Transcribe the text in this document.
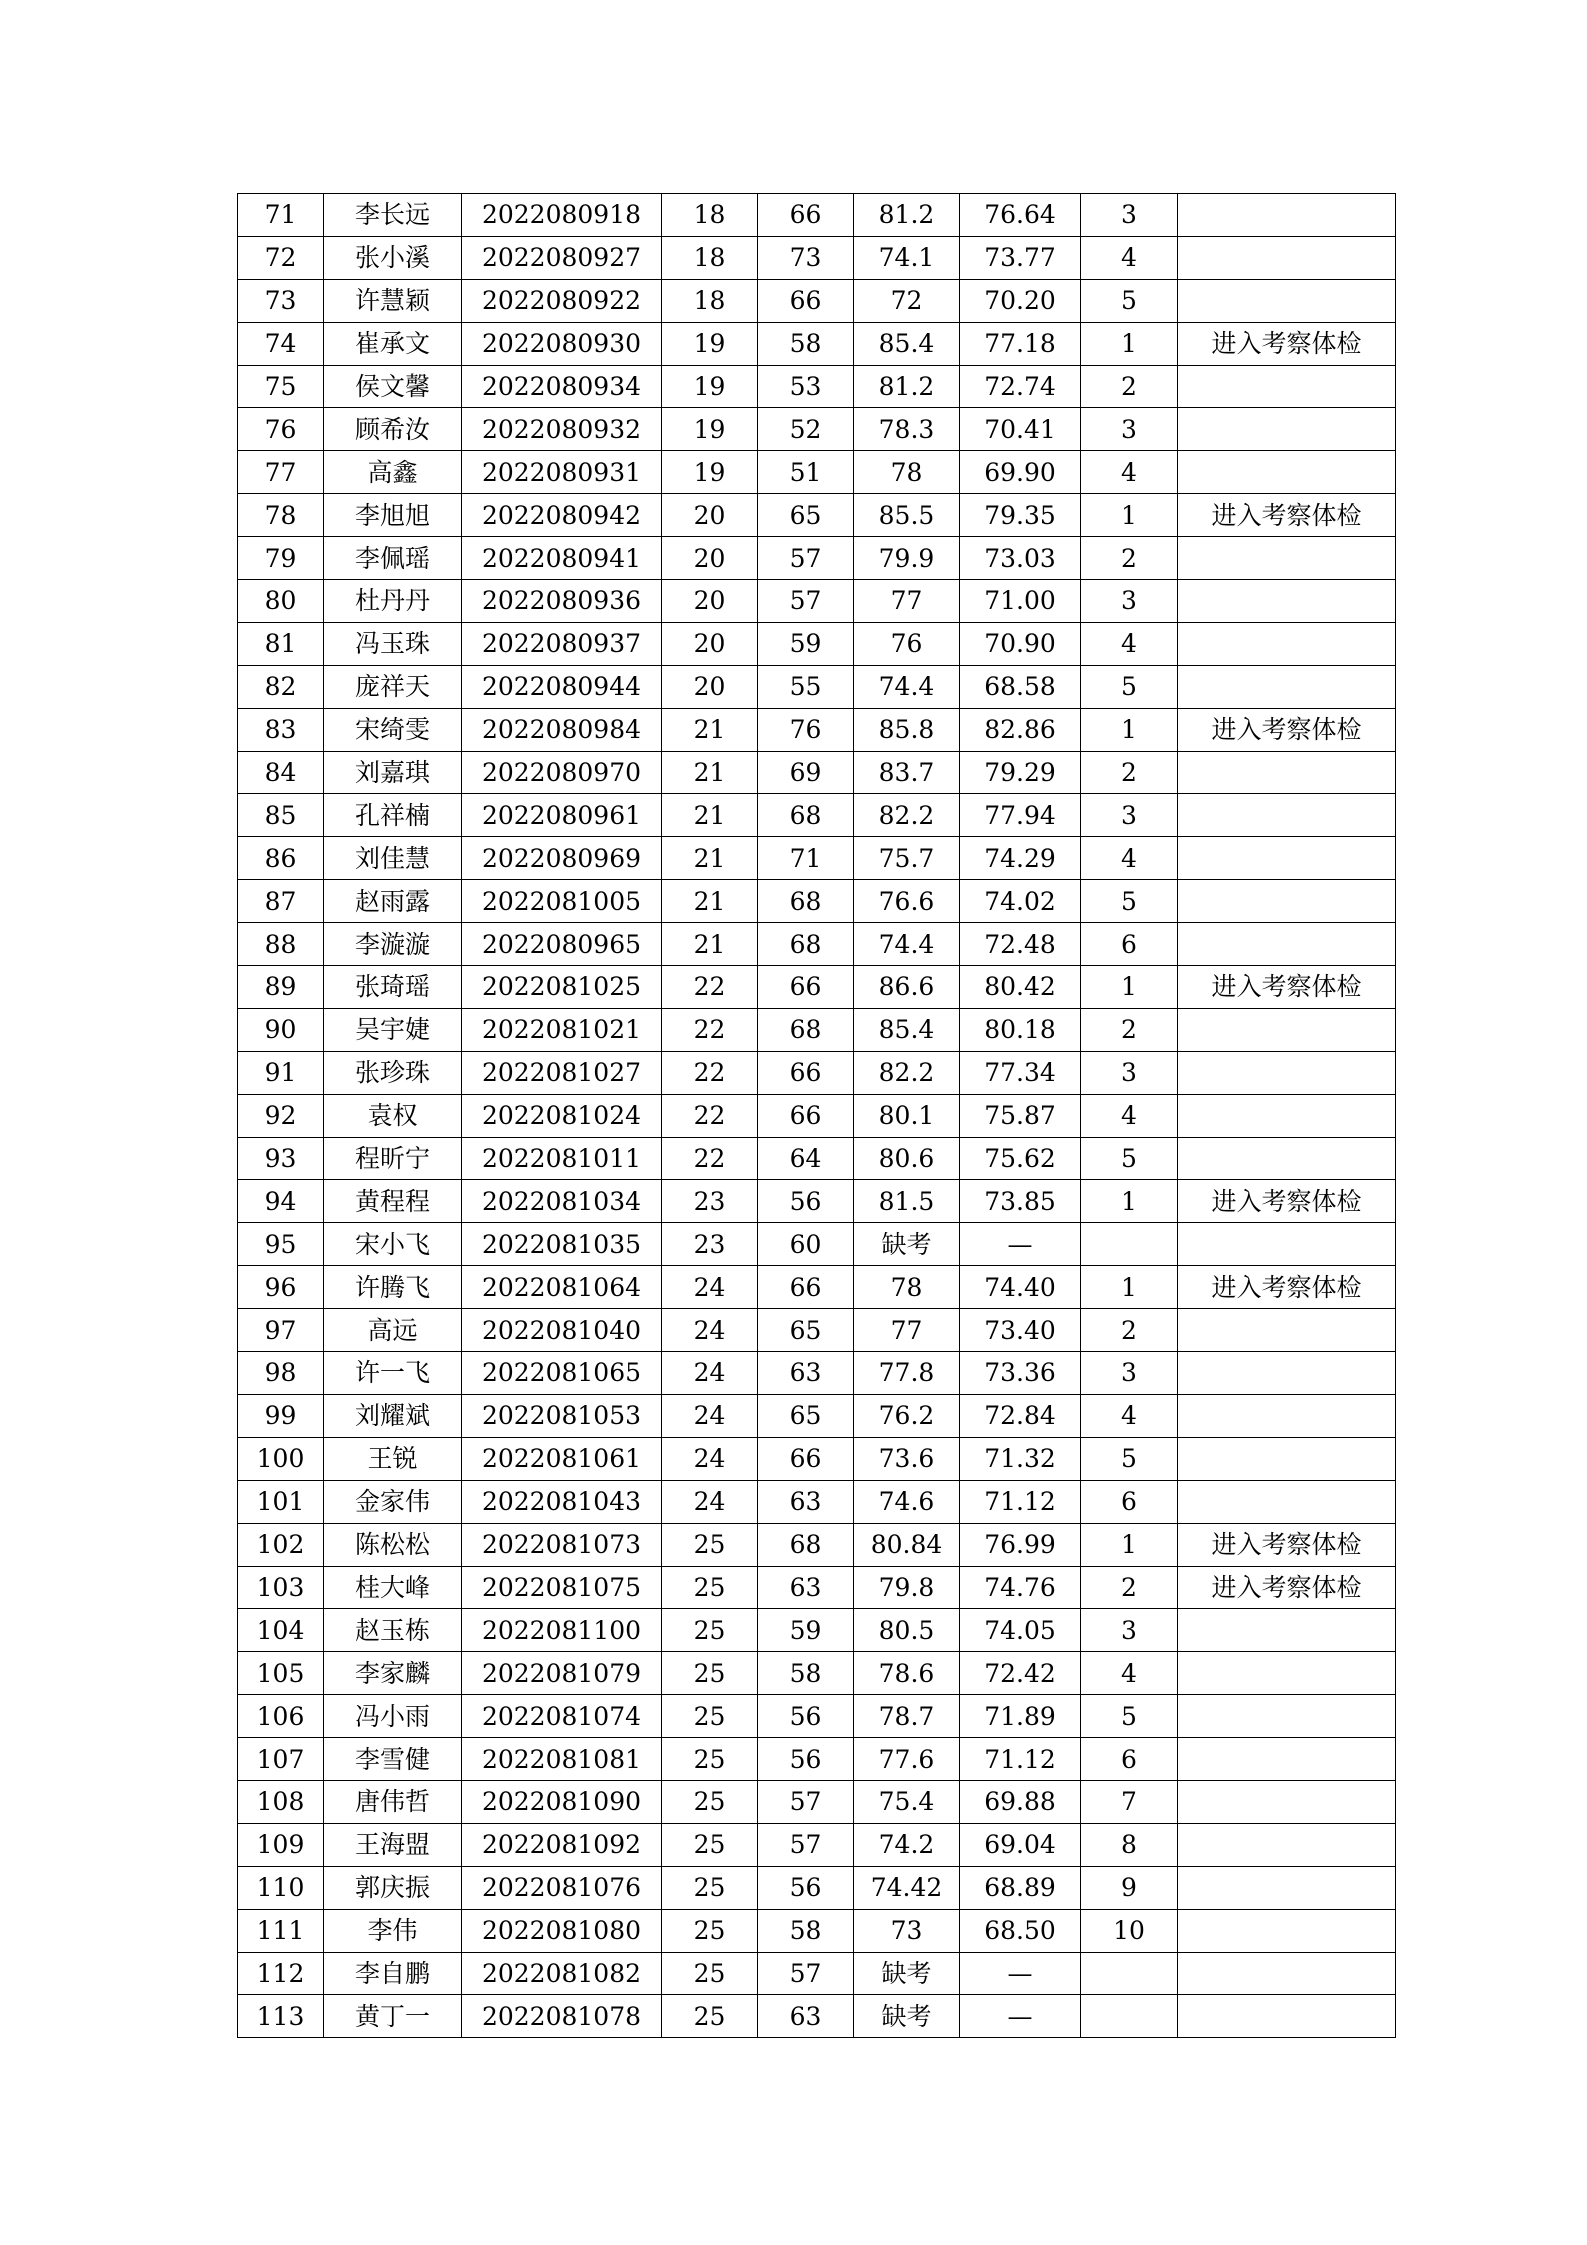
71	李长远	2022080918	18	66	81.2	76.64	3	
72	张小溪	2022080927	18	73	74.1	73.77	4	
73	许慧颖	2022080922	18	66	72	70.20	5	
74	崔承文	2022080930	19	58	85.4	77.18	1	进入考察体检
75	侯文馨	2022080934	19	53	81.2	72.74	2	
76	顾希汝	2022080932	19	52	78.3	70.41	3	
77	高鑫	2022080931	19	51	78	69.90	4	
78	李旭旭	2022080942	20	65	85.5	79.35	1	进入考察体检
79	李佩瑶	2022080941	20	57	79.9	73.03	2	
80	杜丹丹	2022080936	20	57	77	71.00	3	
81	冯玉珠	2022080937	20	59	76	70.90	4	
82	庞祥天	2022080944	20	55	74.4	68.58	5	
83	宋绮雯	2022080984	21	76	85.8	82.86	1	进入考察体检
84	刘嘉琪	2022080970	21	69	83.7	79.29	2	
85	孔祥楠	2022080961	21	68	82.2	77.94	3	
86	刘佳慧	2022080969	21	71	75.7	74.29	4	
87	赵雨露	2022081005	21	68	76.6	74.02	5	
88	李漩漩	2022080965	21	68	74.4	72.48	6	
89	张琦瑶	2022081025	22	66	86.6	80.42	1	进入考察体检
90	吴宇婕	2022081021	22	68	85.4	80.18	2	
91	张珍珠	2022081027	22	66	82.2	77.34	3	
92	袁权	2022081024	22	66	80.1	75.87	4	
93	程昕宁	2022081011	22	64	80.6	75.62	5	
94	黄程程	2022081034	23	56	81.5	73.85	1	进入考察体检
95	宋小飞	2022081035	23	60	缺考	—		
96	许腾飞	2022081064	24	66	78	74.40	1	进入考察体检
97	高远	2022081040	24	65	77	73.40	2	
98	许一飞	2022081065	24	63	77.8	73.36	3	
99	刘耀斌	2022081053	24	65	76.2	72.84	4	
100	王锐	2022081061	24	66	73.6	71.32	5	
101	金家伟	2022081043	24	63	74.6	71.12	6	
102	陈松松	2022081073	25	68	80.84	76.99	1	进入考察体检
103	桂大峰	2022081075	25	63	79.8	74.76	2	进入考察体检
104	赵玉栋	2022081100	25	59	80.5	74.05	3	
105	李家麟	2022081079	25	58	78.6	72.42	4	
106	冯小雨	2022081074	25	56	78.7	71.89	5	
107	李雪健	2022081081	25	56	77.6	71.12	6	
108	唐伟哲	2022081090	25	57	75.4	69.88	7	
109	王海盟	2022081092	25	57	74.2	69.04	8	
110	郭庆振	2022081076	25	56	74.42	68.89	9	
111	李伟	2022081080	25	58	73	68.50	10	
112	李自鹏	2022081082	25	57	缺考	—		
113	黄丁一	2022081078	25	63	缺考	—		
